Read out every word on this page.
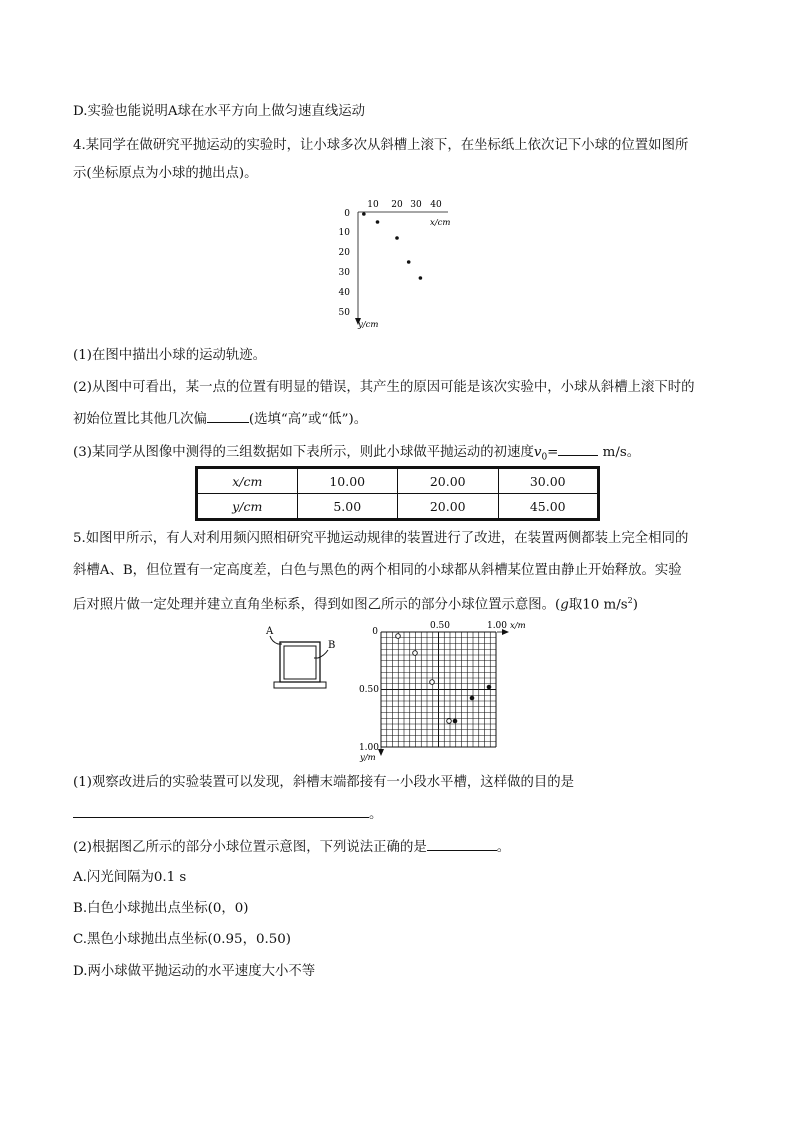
D.实验也能说明A球在水平方向上做匀速直线运动
4.某同学在做研究平抛运动的实验时，让小球多次从斜槽上滚下，在坐标纸上依次记下小球的位置如图所
示(坐标原点为小球的抛出点)。
10 20 30 40
x/cm
0
10
20
30
40
50
y/cm
(1)在图中描出小球的运动轨迹。
(2)从图中可看出，某一点的位置有明显的错误，其产生的原因可能是该次实验中，小球从斜槽上滚下时的
初始位置比其他几次偏	(选填“高”或“低”)。
(3)某同学从图像中测得的三组数据如下表所示，则此小球做平抛运动的初速度$v_0=$	m/s。
x/cm	10.00	20.00	30.00
y/cm	5.00	20.00	45.00
5.如图甲所示，有人对利用频闪照相研究平抛运动规律的装置进行了改进，在装置两侧都装上完全相同的
斜槽A、B，但位置有一定高度差，白色与黑色的两个相同的小球都从斜槽某位置由静止开始释放。实验
后对照片做一定处理并建立直角坐标系，得到如图乙所示的部分小球位置示意图。(g取10 $m/s^2$)
A
B
0
0.50	1.00 x/m
0.50
1.00
y/m
(1)观察改进后的实验装置可以发现，斜槽末端都接有一小段水平槽，这样做的目的是
。
(2)根据图乙所示的部分小球位置示意图，下列说法正确的是	。
A.闪光间隔为0.1 s
B.白色小球抛出点坐标(0，0)
C.黑色小球抛出点坐标(0.95，0.50)
D.两小球做平抛运动的水平速度大小不等
